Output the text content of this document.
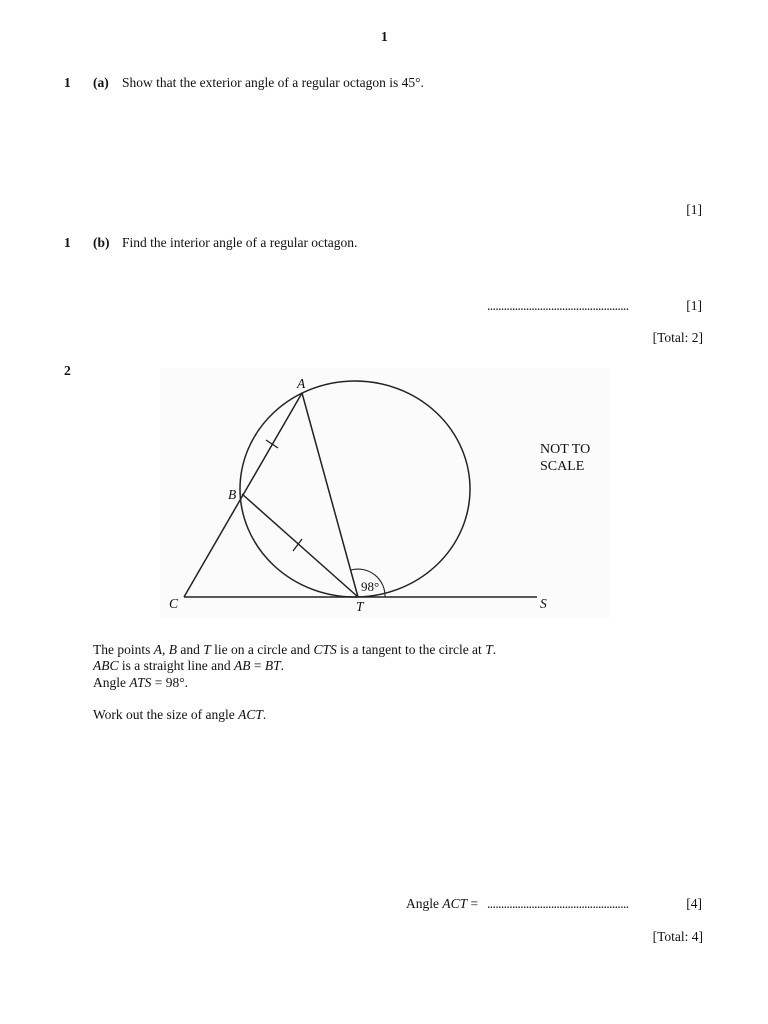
1
1 (a) Show that the exterior angle of a regular octagon is 45°.
[1]
1 (b) Find the interior angle of a regular octagon.
...................................................	[1]
[Total: 2]
2
A
B
C	T	S
98°
NOT TO
SCALE
The points A, B and T lie on a circle and CTS is a tangent to the circle at T.
ABC is a straight line and AB = BT.
Angle ATS = 98°.
Work out the size of angle ACT.
Angle ACT = ...................................................	[4]
[Total: 4]
